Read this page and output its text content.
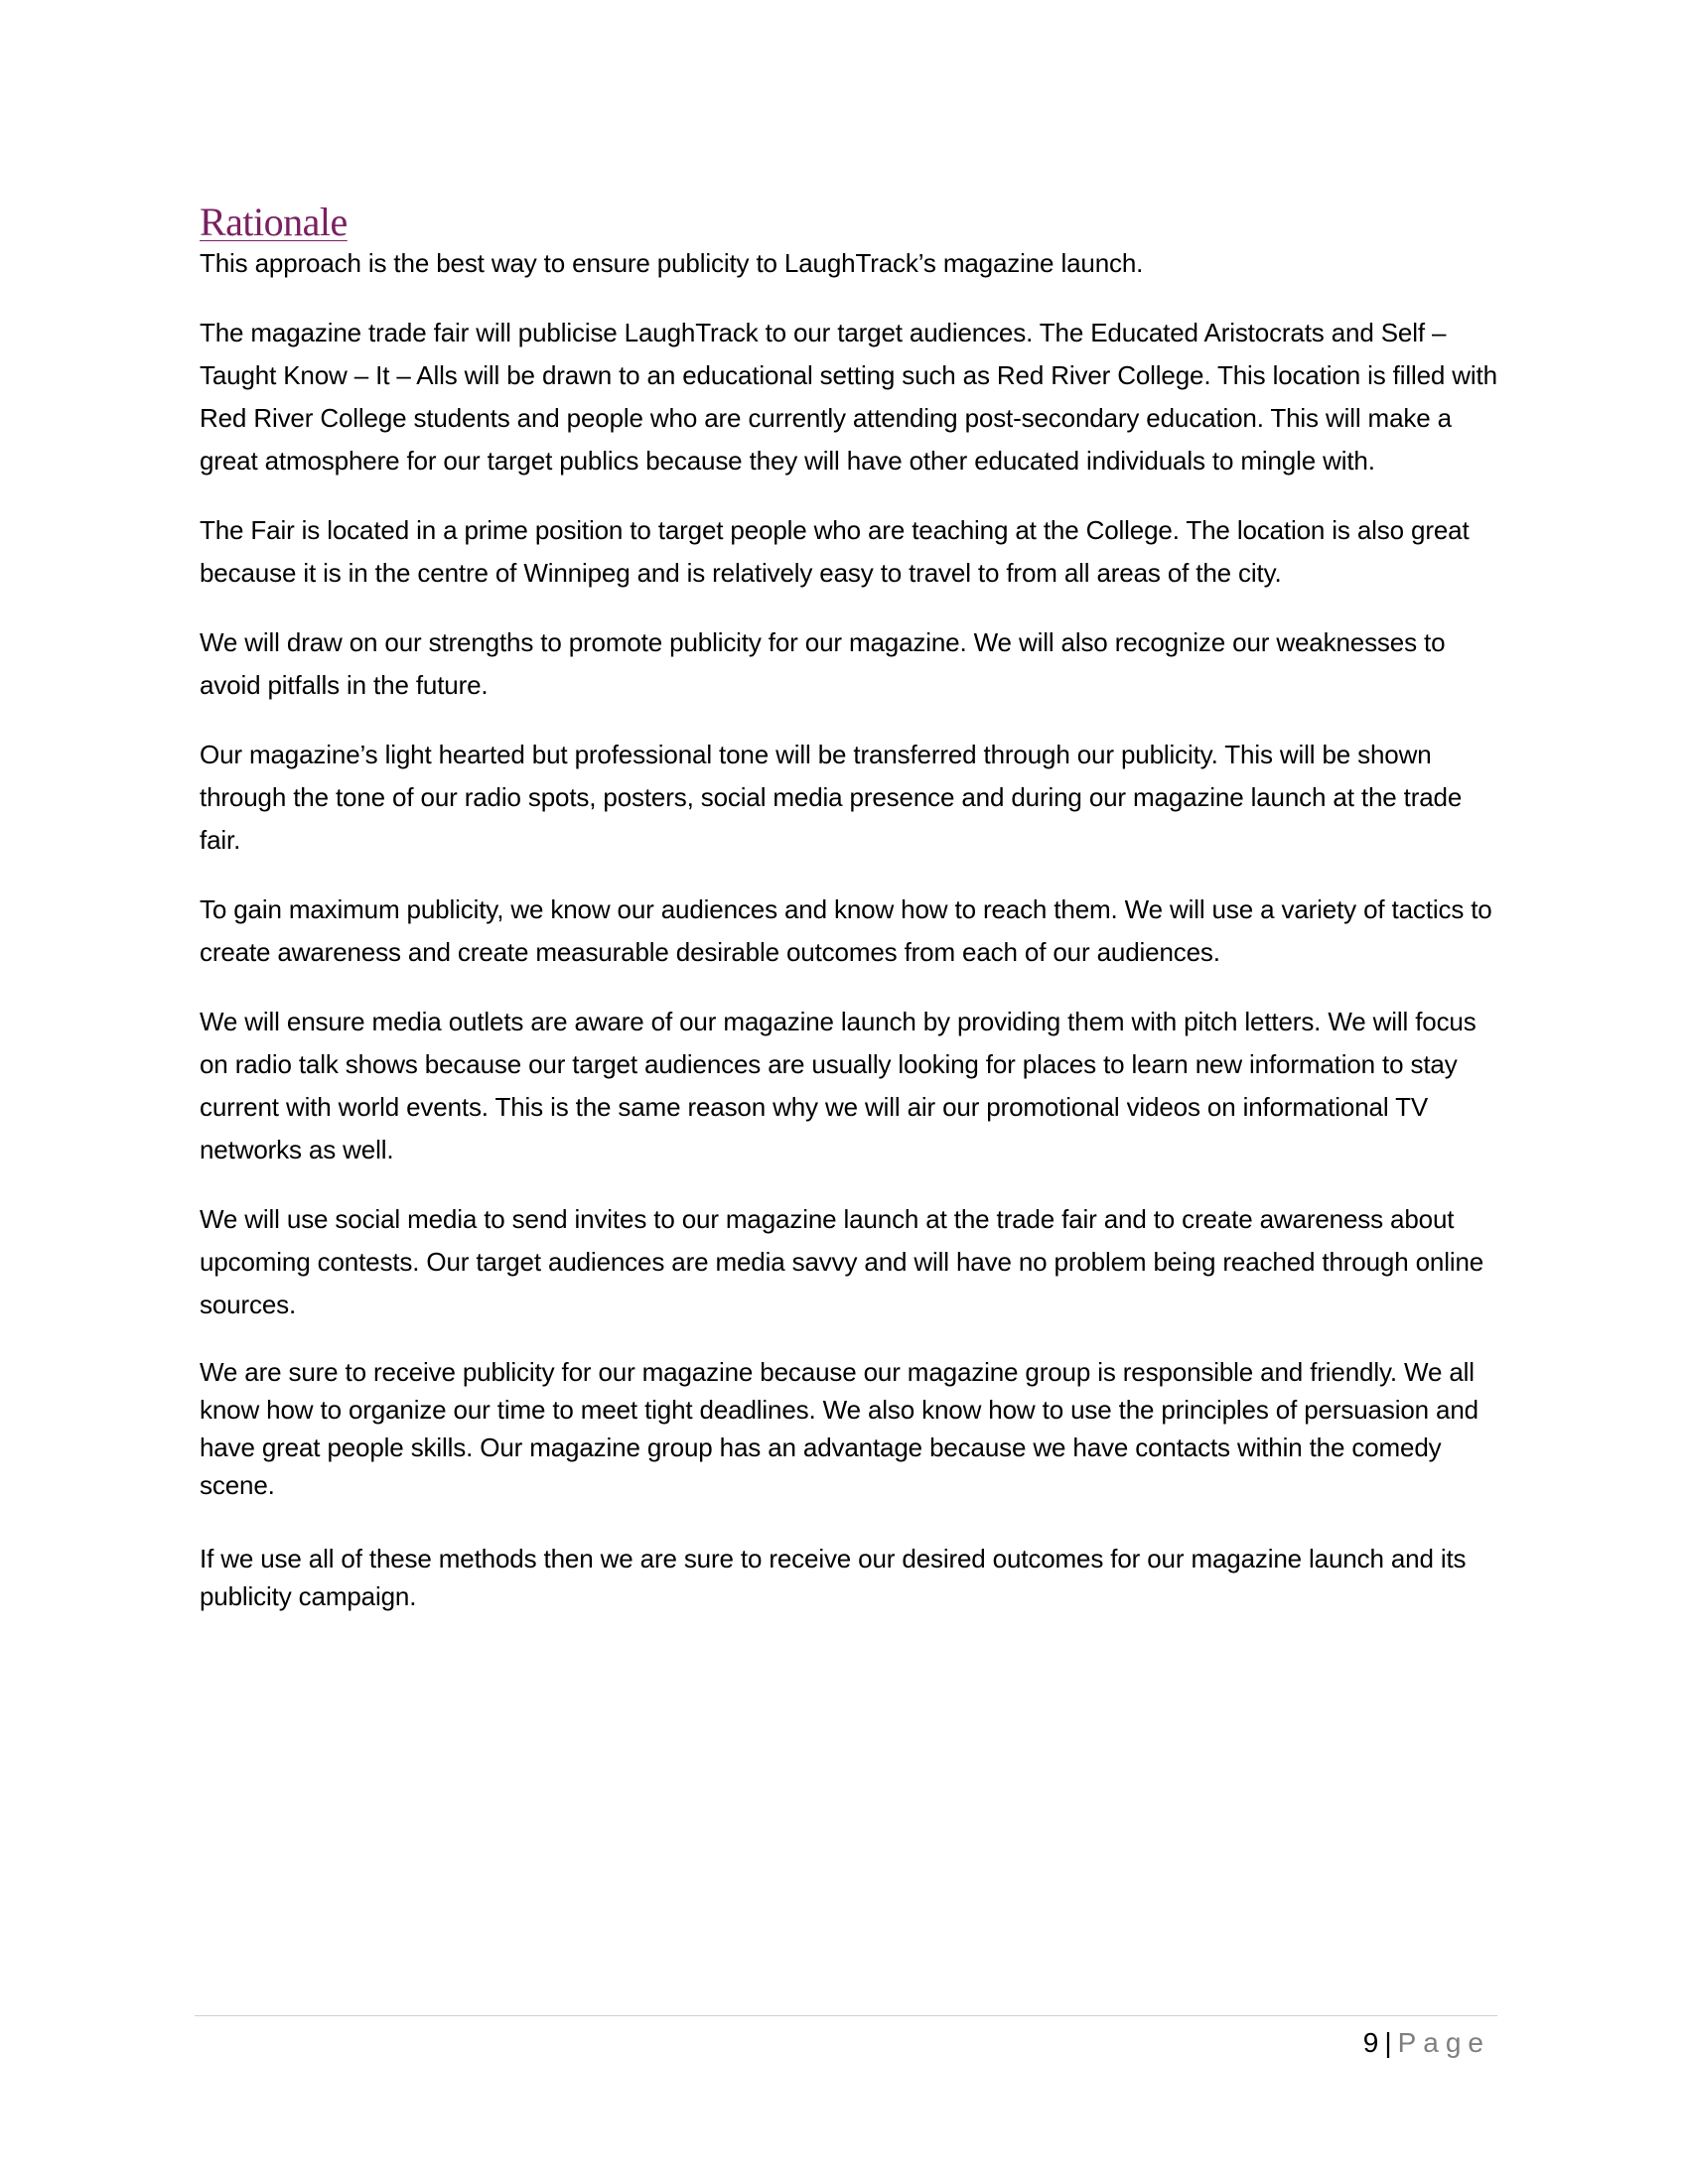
Rationale

This approach is the best way to ensure publicity to LaughTrack’s magazine launch.

The magazine trade fair will publicise LaughTrack to our target audiences. The Educated Aristocrats and Self – Taught Know – It – Alls will be drawn to an educational setting such as Red River College. This location is filled with Red River College students and people who are currently attending post-secondary education. This will make a great atmosphere for our target publics because they will have other educated individuals to mingle with.

The Fair is located in a prime position to target people who are teaching at the College. The location is also great because it is in the centre of Winnipeg and is relatively easy to travel to from all areas of the city.

We will draw on our strengths to promote publicity for our magazine. We will also recognize our weaknesses to avoid pitfalls in the future.

Our magazine’s light hearted but professional tone will be transferred through our publicity. This will be shown through the tone of our radio spots, posters, social media presence and during our magazine launch at the trade fair.

To gain maximum publicity, we know our audiences and know how to reach them. We will use a variety of tactics to create awareness and create measurable desirable outcomes from each of our audiences.

We will ensure media outlets are aware of our magazine launch by providing them with pitch letters. We will focus on radio talk shows because our target audiences are usually looking for places to learn new information to stay current with world events. This is the same reason why we will air our promotional videos on informational TV networks as well.

We will use social media to send invites to our magazine launch at the trade fair and to create awareness about upcoming contests. Our target audiences are media savvy and will have no problem being reached through online sources.

We are sure to receive publicity for our magazine because our magazine group is responsible and friendly. We all know how to organize our time to meet tight deadlines. We also know how to use the principles of persuasion and have great people skills. Our magazine group has an advantage because we have contacts within the comedy scene.

If we use all of these methods then we are sure to receive our desired outcomes for our magazine launch and its publicity campaign.

9 | Page
